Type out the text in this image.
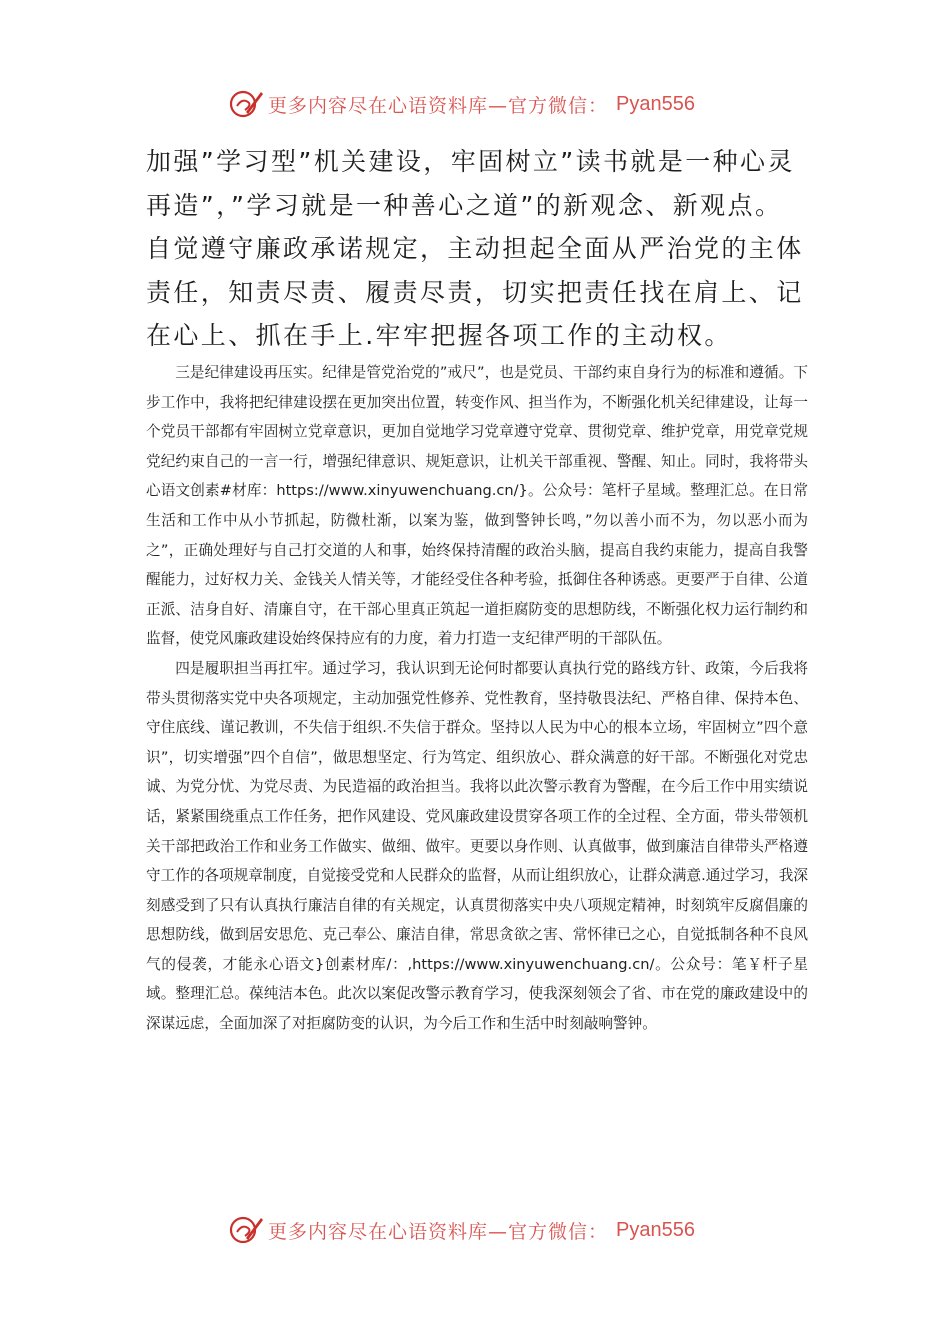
更多内容尽在心语资料库—官方微信： Pyan556

加强”学习型”机关建设，牢固树立”读书就是一种心灵再造”，”学习就是一种善心之道”的新观念、新观点。自觉遵守廉政承诺规定，主动担起全面从严治党的主体责任，知责尽责、履责尽责，切实把责任找在肩上、记在心上、抓在手上.牢牢把握各项工作的主动权。

三是纪律建设再压实。纪律是管党治党的”戒尺”，也是党员、干部约束自身行为的标准和遵循。下步工作中，我将把纪律建设摆在更加突出位置，转变作风、担当作为，不断强化机关纪律建设，让每一个党员干部都有牢固树立党章意识，更加自觉地学习党章遵守党章、贯彻党章、维护党章，用党章党规党纪约束自己的一言一行，增强纪律意识、规矩意识，让机关干部重视、警醒、知止。同时，我将带头心语文创素#材库：https://www.xinyuwenchuang.cn/}。公众号：笔杆子星域。整理汇总。在日常生活和工作中从小节抓起，防微杜渐，以案为鉴，做到警钟长鸣，”勿以善小而不为，勿以恶小而为之”，正确处理好与自己打交道的人和事，始终保持清醒的政治头脑，提高自我约束能力，提高自我警醒能力，过好权力关、金钱关人情关等，才能经受住各种考验，抵御住各种诱惑。更要严于自律、公道正派、洁身自好、清廉自守，在干部心里真正筑起一道拒腐防变的思想防线，不断强化权力运行制约和监督，使党风廉政建设始终保持应有的力度，着力打造一支纪律严明的干部队伍。

四是履职担当再扛牢。通过学习，我认识到无论何时都要认真执行党的路线方针、政策，今后我将带头贯彻落实党中央各项规定，主动加强党性修养、党性教育，坚持敬畏法纪、严格自律、保持本色、守住底线、谨记教训，不失信于组织.不失信于群众。坚持以人民为中心的根本立场，牢固树立”四个意识”，切实增强”四个自信”，做思想坚定、行为笃定、组织放心、群众满意的好干部。不断强化对党忠诚、为党分忧、为党尽责、为民造福的政治担当。我将以此次警示教育为警醒，在今后工作中用实绩说话，紧紧围绕重点工作任务，把作风建设、党风廉政建设贯穿各项工作的全过程、全方面，带头带领机关干部把政治工作和业务工作做实、做细、做牢。更要以身作则、认真做事，做到廉洁自律带头严格遵守工作的各项规章制度，自觉接受党和人民群众的监督，从而让组织放心，让群众满意.通过学习，我深刻感受到了只有认真执行廉洁自律的有关规定，认真贯彻落实中央八项规定精神，时刻筑牢反腐倡廉的思想防线，做到居安思危、克己奉公、廉洁自律，常思贪欲之害、常怀律已之心，自觉抵制各种不良风气的侵袭，才能永心语文}创素材库/：,https://www.xinyuwenchuang.cn/。公众号：笔￥杆子星域。整理汇总。葆纯洁本色。此次以案促改警示教育学习，使我深刻领会了省、市在党的廉政建设中的深谋远虑，全面加深了对拒腐防变的认识，为今后工作和生活中时刻敲响警钟。

更多内容尽在心语资料库—官方微信： Pyan556
